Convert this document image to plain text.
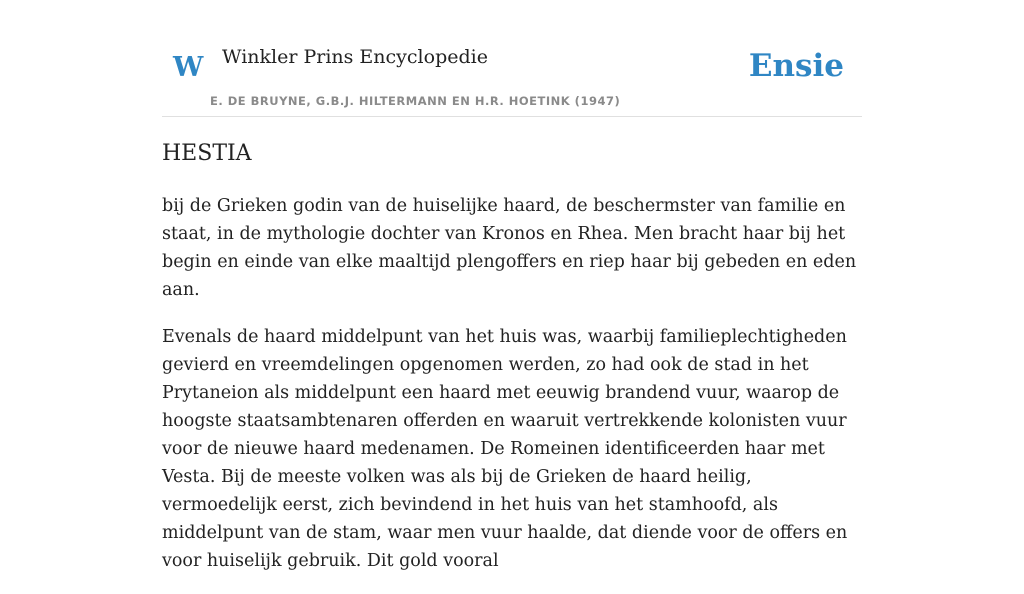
W Winkler Prins Encyclopedie
E. DE BRUYNE, G.B.J. HILTERMANN EN H.R. HOETINK (1947)
Ensie
HESTIA

bij de Grieken godin van de huiselijke haard, de beschermster van familie en staat, in de mythologie dochter van Kronos en Rhea. Men bracht haar bij het begin en einde van elke maaltijd plengoffers en riep haar bij gebeden en eden aan.

Evenals de haard middelpunt van het huis was, waarbij familieplechtigheden gevierd en vreemdelingen opgenomen werden, zo had ook de stad in het Prytaneion als middelpunt een haard met eeuwig brandend vuur, waarop de hoogste staatsambtenaren offerden en waaruit vertrekkende kolonisten vuur voor de nieuwe haard medenamen. De Romeinen identificeerden haar met Vesta. Bij de meeste volken was als bij de Grieken de haard heilig, vermoedelijk eerst, zich bevindend in het huis van het stamhoofd, als middelpunt van de stam, waar men vuur haalde, dat diende voor de offers en voor huiselijk gebruik. Dit gold vooral
